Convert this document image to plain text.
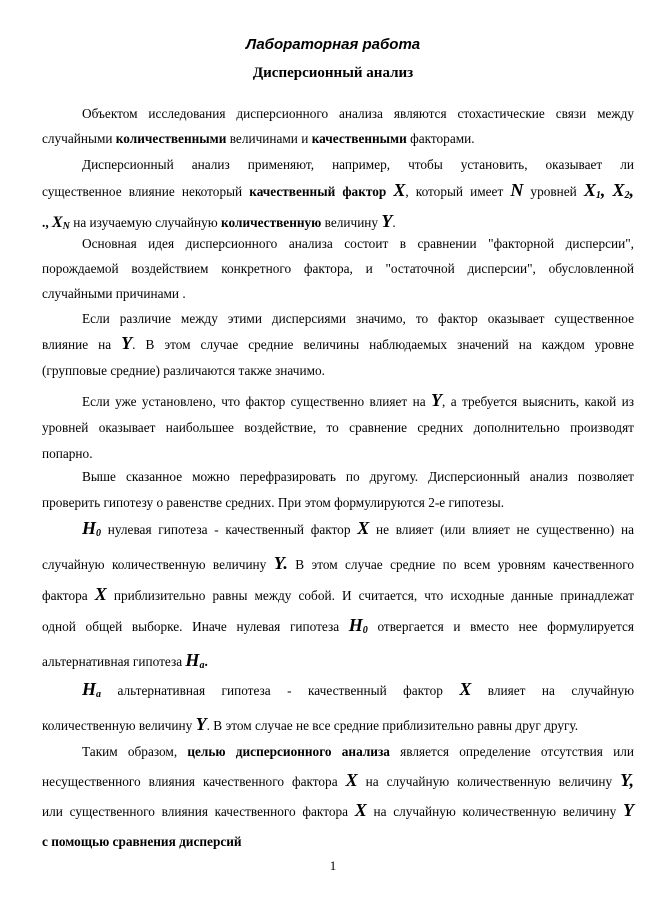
Лабораторная работа
Дисперсионный анализ
Объектом исследования дисперсионного анализа являются стохастические связи между
случайными количественными величинами и качественными факторами.
Дисперсионный анализ применяют, например, чтобы установить, оказывает ли
существенное влияние некоторый качественный фактор X, который имеет N уровней $X_1$, $X_2$,
., $X_N$ на изучаемую случайную количественную величину Y.
Основная идея дисперсионного анализа состоит в сравнении "факторной дисперсии",
порождаемой воздействием конкретного фактора, и "остаточной дисперсии", обусловленной
случайными причинами .
Если различие между этими дисперсиями значимо, то фактор оказывает существенное
влияние на Y. В этом случае средние величины наблюдаемых значений на каждом уровне
(групповые средние) различаются также значимо.
Если уже установлено, что фактор существенно влияет на Y, а требуется выяснить, какой из
уровней оказывает наибольшее воздействие, то сравнение средних дополнительно производят
попарно.
Выше сказанное можно перефразировать по другому. Дисперсионный анализ позволяет
проверить гипотезу о равенстве средних. При этом формулируются 2-е гипотезы.
$H_0$ нулевая гипотеза - качественный фактор X не влияет (или влияет не существенно) на
случайную количественную величину Y. В этом случае средние по всем уровням качественного
фактора X приблизительно равны между собой. И считается, что исходные данные принадлежат
одной общей выборке. Иначе нулевая гипотеза $H_0$ отвергается и вместо нее формулируется
альтернативная гипотеза $H_a$.
$H_a$ альтернативная гипотеза - качественный фактор X влияет на случайную
количественную величину Y. В этом случае не все средние приблизительно равны друг другу.
Таким образом, целью дисперсионного анализа является определение отсутствия или
несущественного влияния качественного фактора X на случайную количественную величину Y,
или существенного влияния качественного фактора X на случайную количественную величину Y
с помощью сравнения дисперсий
1
